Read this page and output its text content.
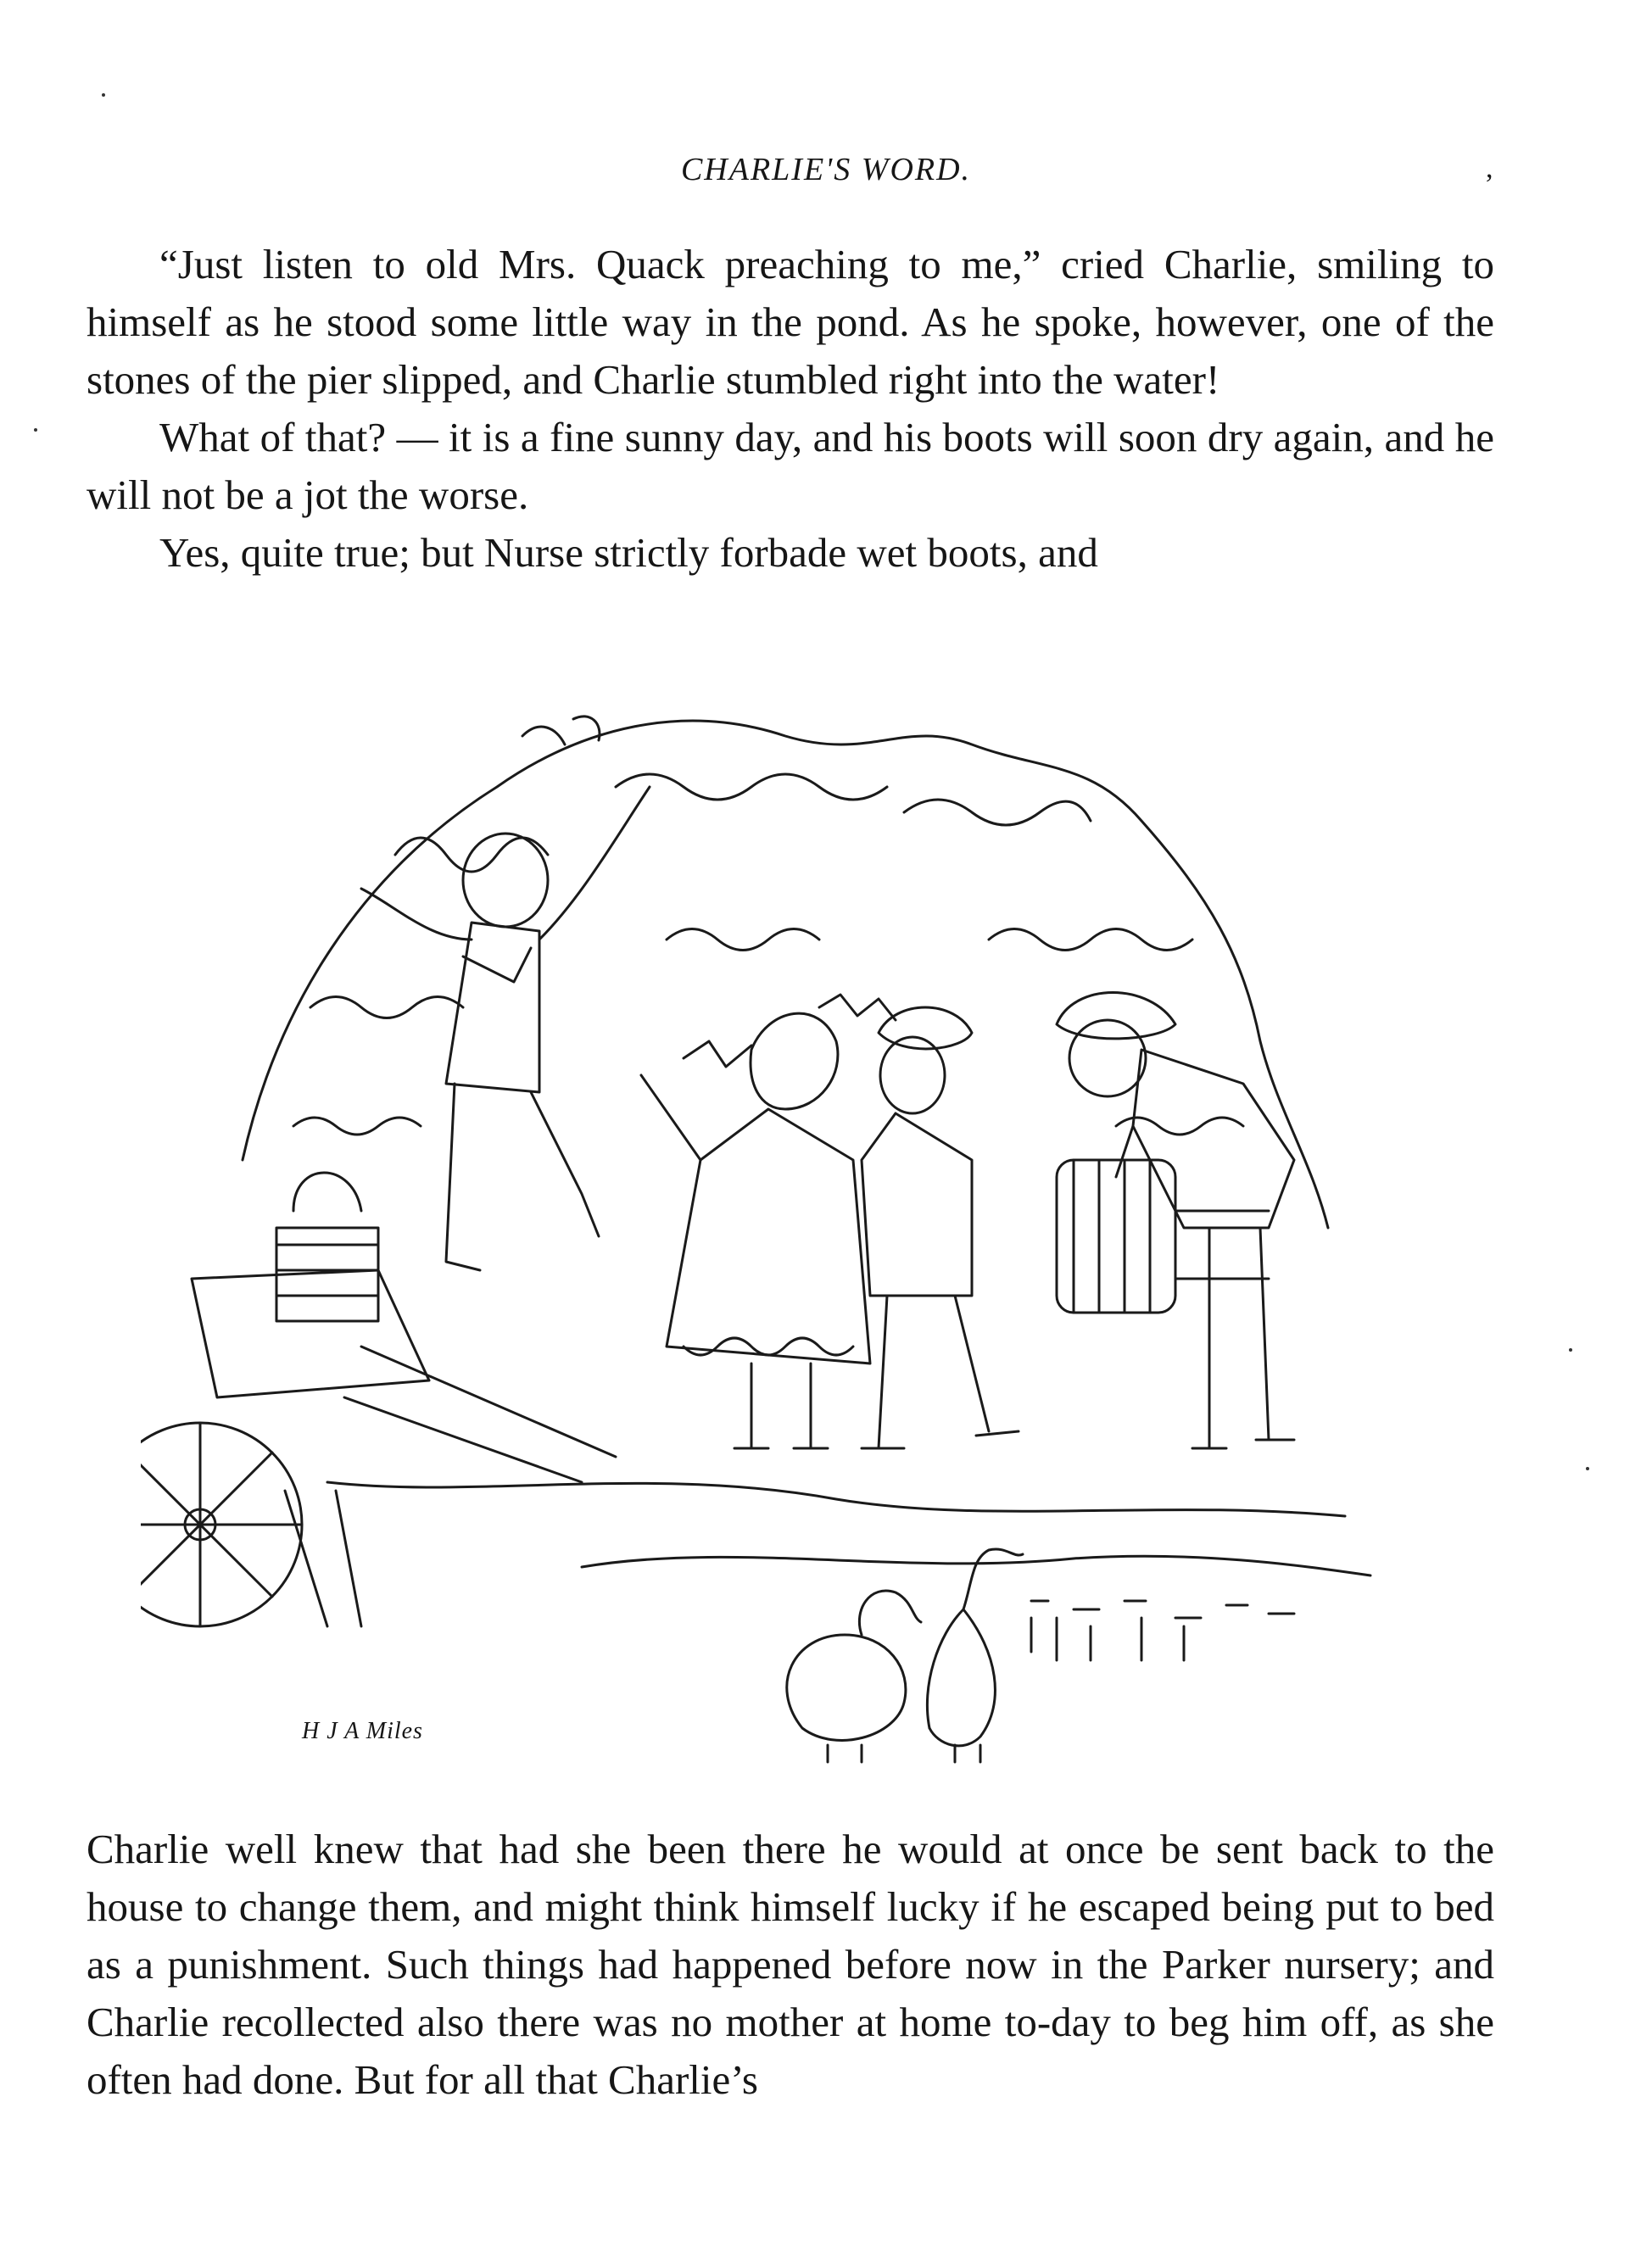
CHARLIE'S WORD.	,

“Just listen to old Mrs. Quack preaching to me,” cried Charlie, smiling to himself as he stood some little way in the pond. As he spoke, however, one of the stones of the pier slipped, and Charlie stumbled right into the water!

What of that? — it is a fine sunny day, and his boots will soon dry again, and he will not be a jot the worse.

Yes, quite true; but Nurse strictly forbade wet boots, and

H J A Miles

Charlie well knew that had she been there he would at once be sent back to the house to change them, and might think himself lucky if he escaped being put to bed as a punishment. Such things had happened before now in the Parker nursery; and Charlie recollected also there was no mother at home to-day to beg him off, as she often had done. But for all that Charlie’s
